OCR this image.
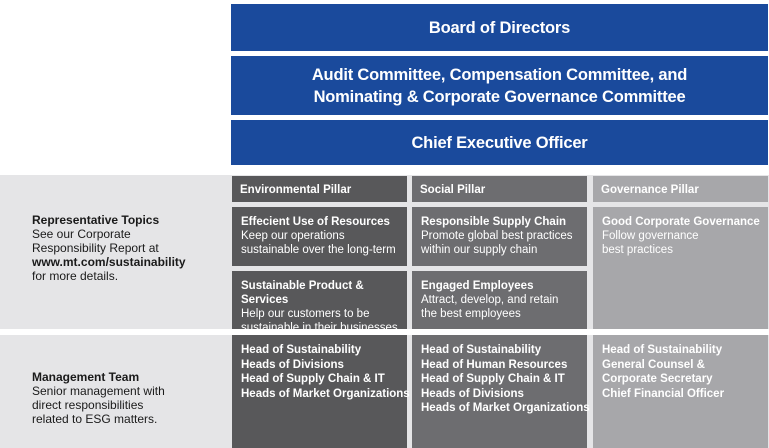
Board of Directors
Audit Committee, Compensation Committee, and
Nominating & Corporate Governance Committee
Chief Executive Officer
Representative Topics
See our Corporate
Responsibility Report at
www.mt.com/sustainability
for more details.
Management Team
Senior management with
direct responsibilities
related to ESG matters.
Environmental Pillar	Social Pillar	Governance Pillar
Effecient Use of Resources
Keep our operations
sustainable over the long-term
Sustainable Product & Services
Help our customers to be
sustainable in their businesses
Responsible Supply Chain
Promote global best practices
within our supply chain
Engaged Employees
Attract, develop, and retain
the best employees
Good Corporate Governance
Follow governance
best practices
Head of Sustainability
Heads of Divisions
Head of Supply Chain & IT
Heads of Market Organizations
Head of Sustainability
Head of Human Resources
Head of Supply Chain & IT
Heads of Divisions
Heads of Market Organizations
Head of Sustainability
General Counsel &
Corporate Secretary
Chief Financial Officer
